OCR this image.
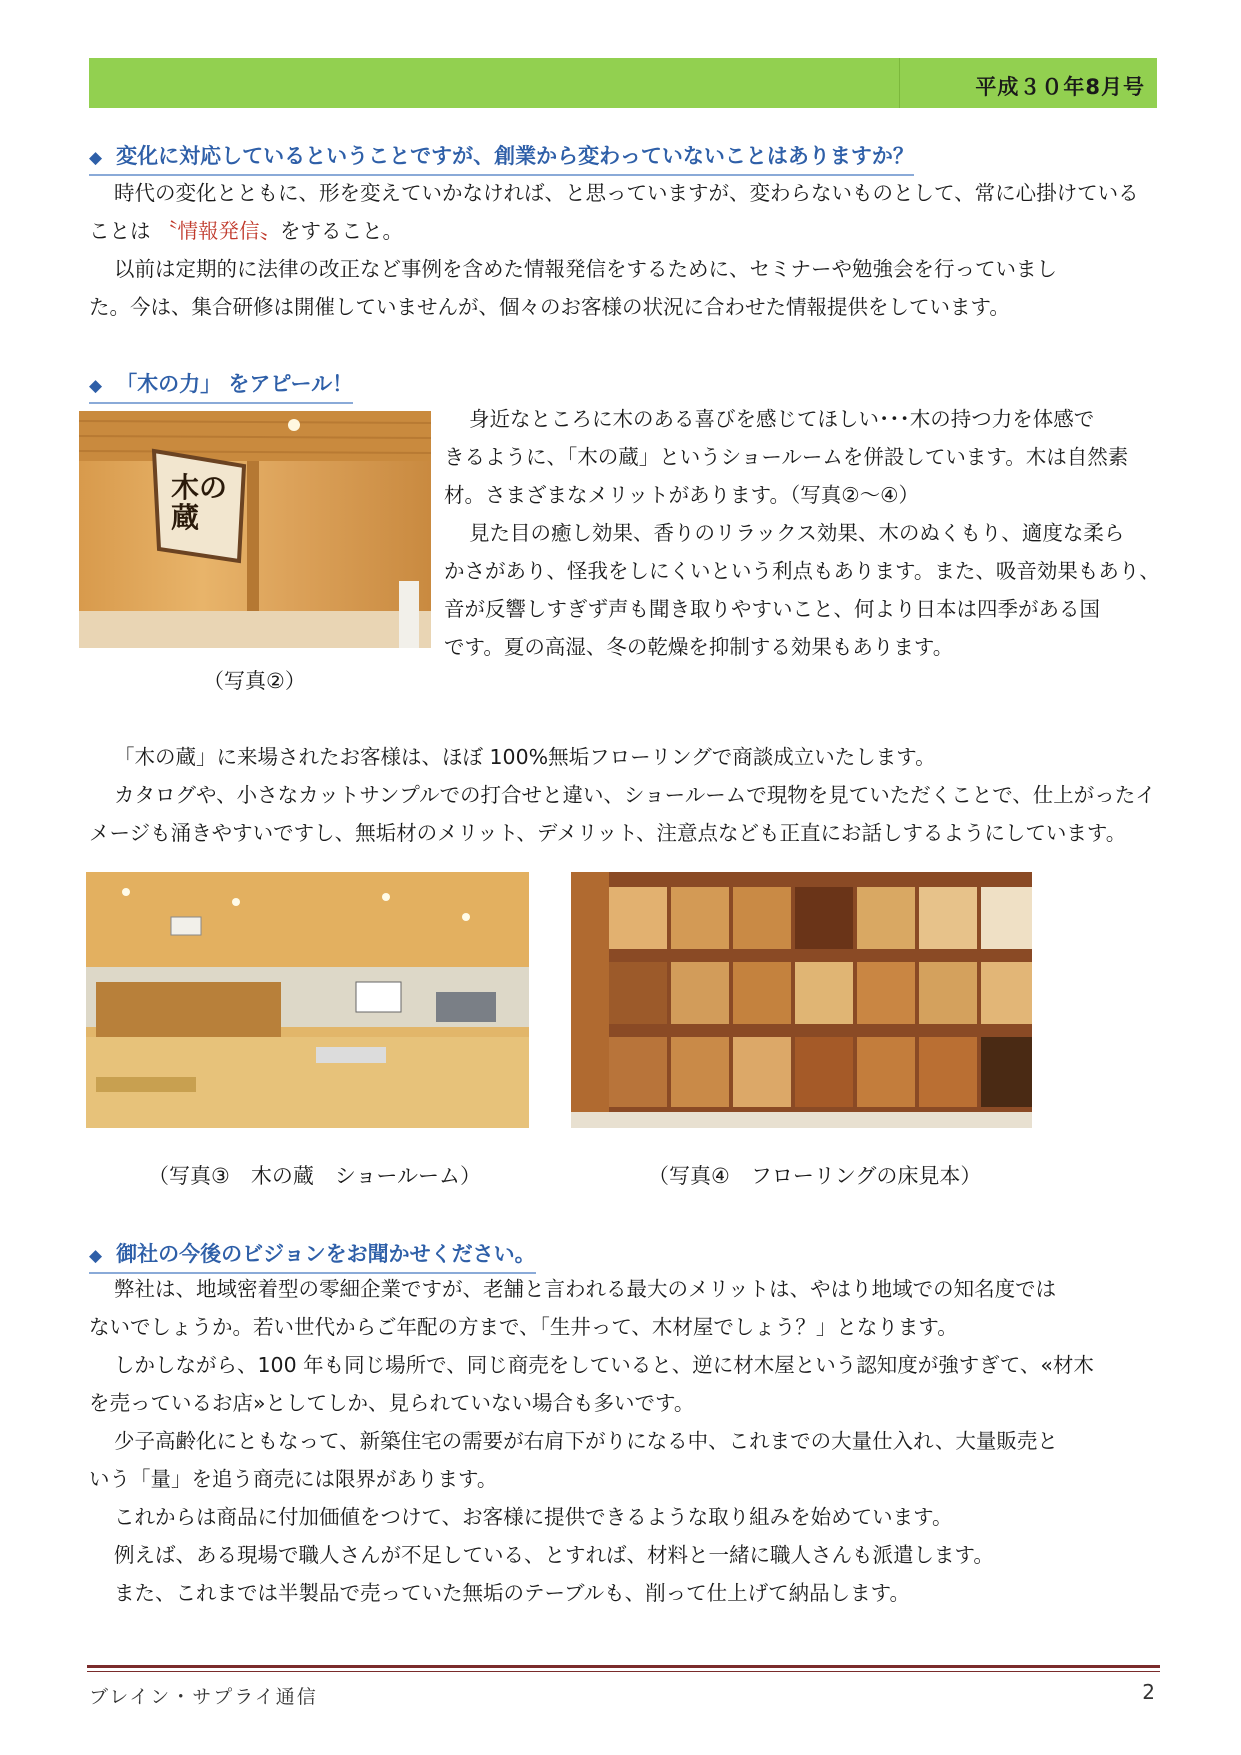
平成３０年8月号
◆ 変化に対応しているということですが、創業から変わっていないことはありますか？
時代の変化とともに、形を変えていかなければ、と思っていますが、変わらないものとして、常に心掛けている
ことは 〝情報発信〟をすること。
以前は定期的に法律の改正など事例を含めた情報発信をするために、セミナーや勉強会を行っていまし
た。今は、集合研修は開催していませんが、個々のお客様の状況に合わせた情報提供をしています。
◆ 「木の力」 をアピール！
木の蔵
（写真②）
身近なところに木のある喜びを感じてほしい･･･木の持つ力を体感で
きるように、「木の蔵」というショールームを併設しています。木は自然素
材。さまざまなメリットがあります。（写真②～④）
見た目の癒し効果、香りのリラックス効果、木のぬくもり、適度な柔ら
かさがあり、怪我をしにくいという利点もあります。また、吸音効果もあり、
音が反響しすぎず声も聞き取りやすいこと、何より日本は四季がある国
です。夏の高湿、冬の乾燥を抑制する効果もあります。
「木の蔵」に来場されたお客様は、ほぼ 100%無垢フローリングで商談成立いたします。
カタログや、小さなカットサンプルでの打合せと違い、ショールームで現物を見ていただくことで、仕上がったイ
メージも涌きやすいですし、無垢材のメリット、デメリット、注意点なども正直にお話しするようにしています。
（写真③　木の蔵　ショールーム）	（写真④　フローリングの床見本）
◆ 御社の今後のビジョンをお聞かせください。
弊社は、地域密着型の零細企業ですが、老舗と言われる最大のメリットは、やはり地域での知名度では
ないでしょうか。若い世代からご年配の方まで、「生井って、木材屋でしょう？」となります。
しかしながら、100 年も同じ場所で、同じ商売をしていると、逆に材木屋という認知度が強すぎて、«材木
を売っているお店»としてしか、見られていない場合も多いです。
少子高齢化にともなって、新築住宅の需要が右肩下がりになる中、これまでの大量仕入れ、大量販売と
いう「量」を追う商売には限界があります。
これからは商品に付加価値をつけて、お客様に提供できるような取り組みを始めています。
例えば、ある現場で職人さんが不足している、とすれば、材料と一緒に職人さんも派遣します。
また、これまでは半製品で売っていた無垢のテーブルも、削って仕上げて納品します。
ブレイン・サプライ通信	2
